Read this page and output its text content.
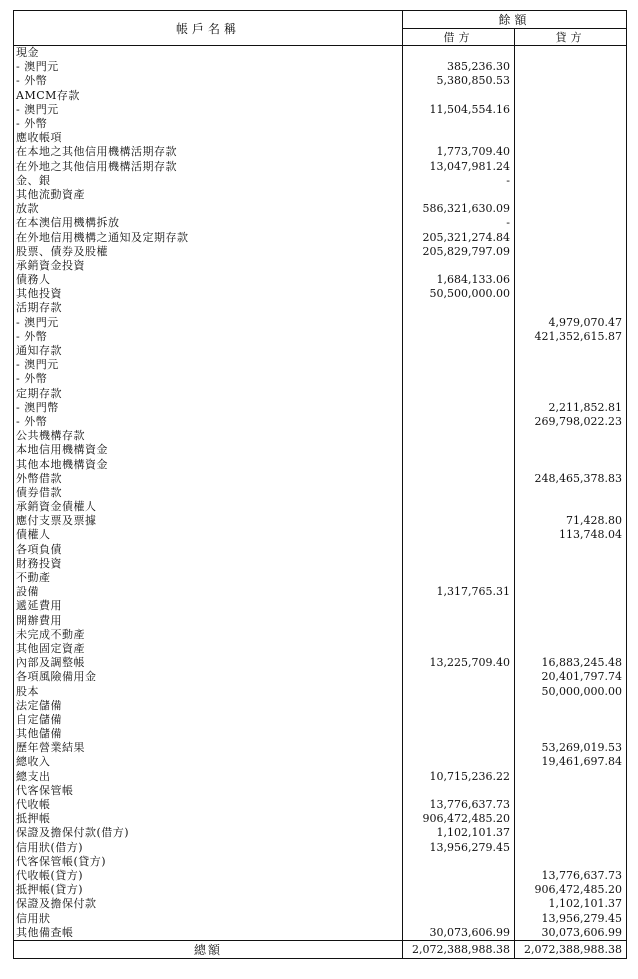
帳戶名稱	餘額	
	借方	貸方
現金		
- 澳門元	385,236.30	
- 外幣	5,380,850.53	
AMCM存款		
- 澳門元	11,504,554.16	
- 外幣		
應收帳項		
在本地之其他信用機構活期存款	1,773,709.40	
在外地之其他信用機構活期存款	13,047,981.24	
金、銀	-	
其他流動資產		
放款	586,321,630.09	
在本澳信用機構拆放	-	
在外地信用機構之通知及定期存款	205,321,274.84	
股票、債券及股權	205,829,797.09	
承銷資金投資		
債務人	1,684,133.06	
其他投資	50,500,000.00	
活期存款		
- 澳門元		4,979,070.47
- 外幣		421,352,615.87
通知存款		
- 澳門元		
- 外幣		
定期存款		
- 澳門幣		2,211,852.81
- 外幣		269,798,022.23
公共機構存款		
本地信用機構資金		
其他本地機構資金		
外幣借款		248,465,378.83
債券借款		
承銷資金債權人		
應付支票及票據		71,428.80
債權人		113,748.04
各項負債		
財務投資		
不動產		
設備	1,317,765.31	
遞延費用		
開辦費用		
未完成不動產		
其他固定資產		
內部及調整帳	13,225,709.40	16,883,245.48
各項風險備用金		20,401,797.74
股本		50,000,000.00
法定儲備		
自定儲備		
其他儲備		
歷年營業結果		53,269,019.53
總收入		19,461,697.84
總支出	10,715,236.22	
代客保管帳		
代收帳	13,776,637.73	
抵押帳	906,472,485.20	
保證及擔保付款(借方)	1,102,101.37	
信用狀(借方)	13,956,279.45	
代客保管帳(貸方)		
代收帳(貸方)		13,776,637.73
抵押帳(貸方)		906,472,485.20
保證及擔保付款		1,102,101.37
信用狀		13,956,279.45
其他備查帳	30,073,606.99	30,073,606.99
總額	2,072,388,988.38	2,072,388,988.38
